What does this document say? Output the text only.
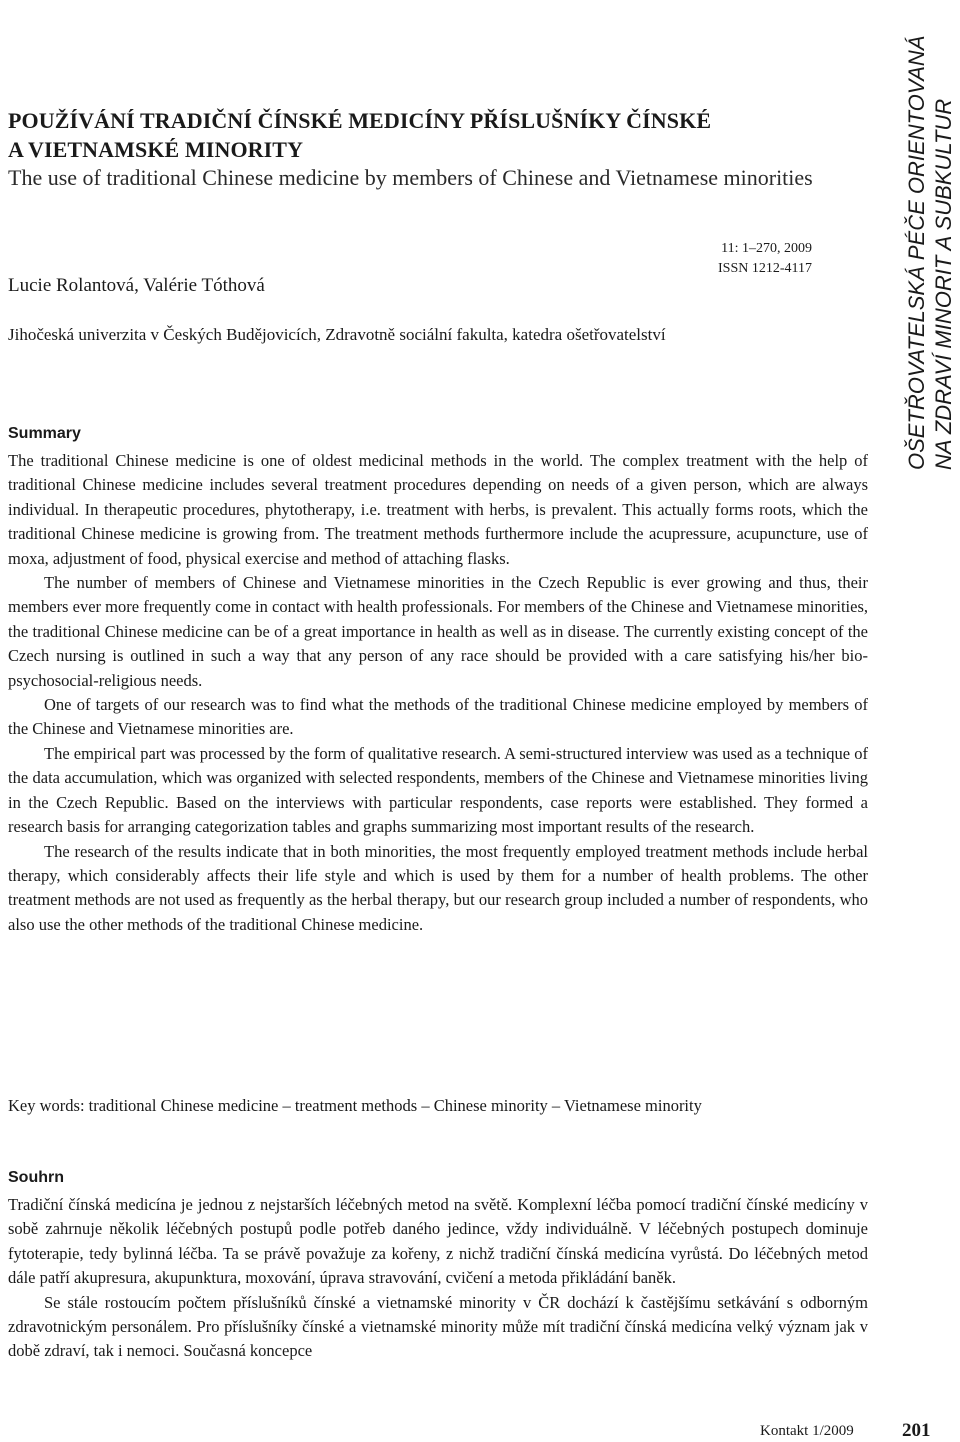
POUŽÍVÁNÍ TRADIČNÍ ČÍNSKÉ MEDICÍNY PŘÍSLUŠNÍKY ČÍNSKÉ
A VIETNAMSKÉ MINORITY
The use of traditional Chinese medicine by members of Chinese and Vietnamese minorities
11: 1–270, 2009
ISSN 1212-4117
Lucie Rolantová, Valérie Tóthová
Jihočeská univerzita v Českých Budějovicích, Zdravotně sociální fakulta, katedra ošetřovatelství
Summary

The traditional Chinese medicine is one of oldest medicinal methods in the world. The complex treatment with the help of traditional Chinese medicine includes several treatment procedures depending on needs of a given person, which are always individual. In therapeutic procedures, phytotherapy, i.e. treatment with herbs, is prevalent. This actually forms roots, which the traditional Chinese medicine is growing from. The treatment methods furthermore include the acupressure, acupuncture, use of moxa, adjustment of food, physical exercise and method of attaching flasks.

The number of members of Chinese and Vietnamese minorities in the Czech Republic is ever growing and thus, their members ever more frequently come in contact with health professionals. For members of the Chinese and Vietnamese minorities, the traditional Chinese medicine can be of a great importance in health as well as in disease. The currently existing concept of the Czech nursing is outlined in such a way that any person of any race should be provided with a care satisfying his/her bio-psychosocial-religious needs.

One of targets of our research was to find what the methods of the traditional Chinese medicine employed by members of the Chinese and Vietnamese minorities are.

The empirical part was processed by the form of qualitative research. A semi-structured interview was used as a technique of the data accumulation, which was organized with selected respondents, members of the Chinese and Vietnamese minorities living in the Czech Republic. Based on the interviews with particular respondents, case reports were established. They formed a research basis for arranging categorization tables and graphs summarizing most important results of the research.

The research of the results indicate that in both minorities, the most frequently employed treatment methods include herbal therapy, which considerably affects their life style and which is used by them for a number of health problems. The other treatment methods are not used as frequently as the herbal therapy, but our research group included a number of respondents, who also use the other methods of the traditional Chinese medicine.

Key words: traditional Chinese medicine – treatment methods – Chinese minority – Vietnamese minority

Souhrn

Tradiční čínská medicína je jednou z nejstarších léčebných metod na světě. Komplexní léčba pomocí tradiční čínské medicíny v sobě zahrnuje několik léčebných postupů podle potřeb daného jedince, vždy individuálně. V léčebných postupech dominuje fytoterapie, tedy bylinná léčba. Ta se právě považuje za kořeny, z nichž tradiční čínská medicína vyrůstá. Do léčebných metod dále patří akupresura, akupunktura, moxování, úprava stravování, cvičení a metoda přikládání baněk.

Se stále rostoucím počtem příslušníků čínské a vietnamské minority v ČR dochází k častějšímu setkávání s odborným zdravotnickým personálem. Pro příslušníky čínské a vietnamské minority může mít tradiční čínská medicína velký význam jak v době zdraví, tak i nemoci. Současná koncepce

OŠETŘOVATELSKÁ PÉČE ORIENTOVANÁ NA ZDRAVÍ MINORIT A SUBKULTUR
Kontakt 1/2009	201
